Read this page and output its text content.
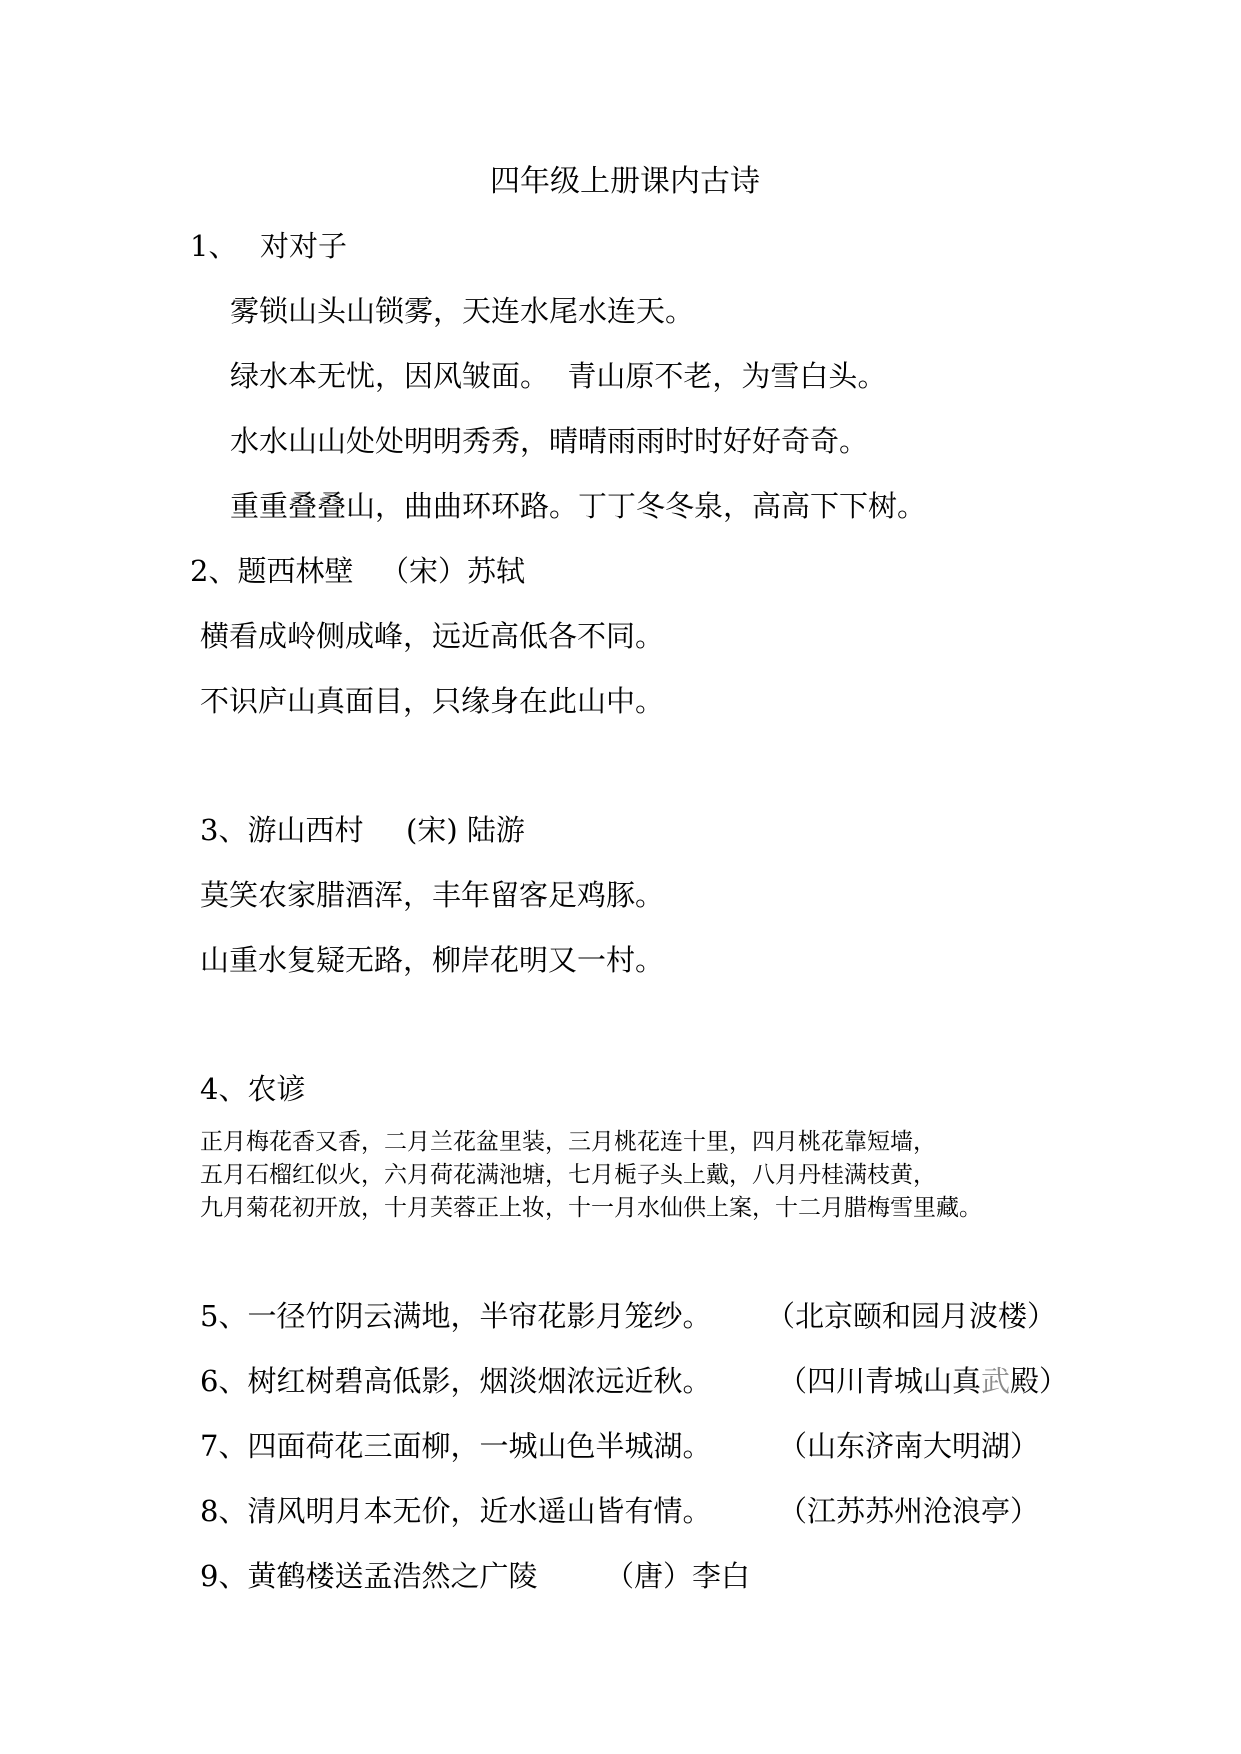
四年级上册课内古诗
1、 对对子
雾锁山头山锁雾，天连水尾水连天。
绿水本无忧，因风皱面。  青山原不老，为雪白头。
水水山山处处明明秀秀，晴晴雨雨时时好好奇奇。
重重叠叠山，曲曲环环路。丁丁冬冬泉，高高下下树。
2、题西林壁 （宋）苏轼
横看成岭侧成峰，远近高低各不同。
不识庐山真面目，只缘身在此山中。
3、游山西村 (宋) 陆游
莫笑农家腊酒浑，丰年留客足鸡豚。
山重水复疑无路，柳岸花明又一村。
4、农谚
正月梅花香又香，二月兰花盆里装，三月桃花连十里，四月桃花靠短墙，
五月石榴红似火，六月荷花满池塘，七月栀子头上戴，八月丹桂满枝黄，
九月菊花初开放，十月芙蓉正上妆，十一月水仙供上案，十二月腊梅雪里藏。
5、一径竹阴云满地，半帘花影月笼纱。 （北京颐和园月波楼）
6、树红树碧高低影，烟淡烟浓远近秋。 （四川青城山真武殿）
7、四面荷花三面柳，一城山色半城湖。 （山东济南大明湖）
8、清风明月本无价，近水遥山皆有情。 （江苏苏州沧浪亭）
9、黄鹤楼送孟浩然之广陵 （唐）李白
